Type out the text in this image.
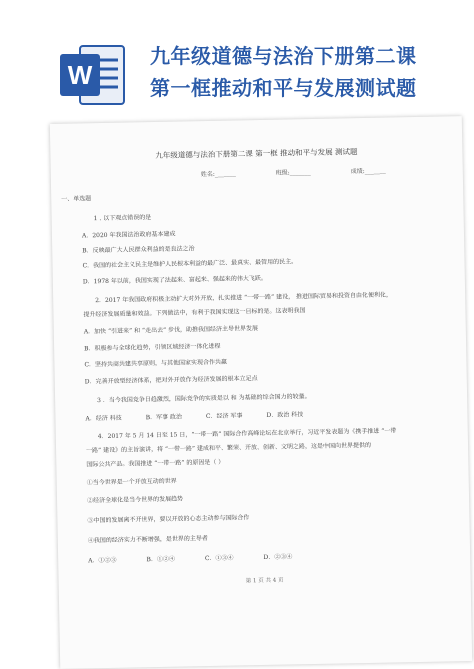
W
九年级道德与法治下册第二课
第一框推动和平与发展测试题
九年级道德与法治下册第二课 第一框 推动和平与发展 测试题
姓名:_______	班级:_______	成绩:_______
一、单选题
1 . 以下观点错误的是
A．2020 年我国法治政府基本建成
B．反映最广大人民群众利益的是良法之治
C．我国的社会主义民主是维护人民根本利益的最广泛、最真实、最管用的民主。
D．1978 年以前，我国实现了法起来、富起来、强起来的伟大飞跃。
2．2017 年我国政府积极主动扩大对外开放，扎实推进 “一带一路” 建设， 推进国际贸易和投资自由化便利化，
提升经济发展质量和效益。下列做法中，有利于我国实现这一目标的是。这表明我国
A．加快 “引进来” 和 “走出去” 步伐，助推我国经济主导世界发展
B．积极参与全球化趋势，引领区域经济一体化进程
C．坚持共商共建共享原则，与其他国家实现合作共赢
D．完善开放型经济体系，把对外开放作为经济发展的根本立足点
3 ．当今我国竞争日趋激烈，国际竞争的实质是以 和 为基础的综合国力的较量。
A．经济 科技　　　　B．军事 政治　　　　C．经济 军事　　　　D．政治 科技
4．2017 年 5 月 14 日至 15 日，“一带一路” 国际合作高峰论坛在北京举行，习近平发表题为《携手推进 “一带
一路” 建设》的主旨演讲，将 “一带一路” 建成和平、繁荣、开放、创新、文明之路，这是中国向世界提供的
国际公共产品。我国推进 “一带一路” 的原因是（ ）
①当今世界是一个开放互动的世界
②经济全球化是当今世界的发展趋势
③中国的发展离不开世界，要以开放的心态主动参与国际合作
④我国的经济实力不断增强，是世界的主导者
A．①②③　　　　　B．①②④　　　　　C．①③④　　　　　D．②③④
第 1 页 共 4 页
